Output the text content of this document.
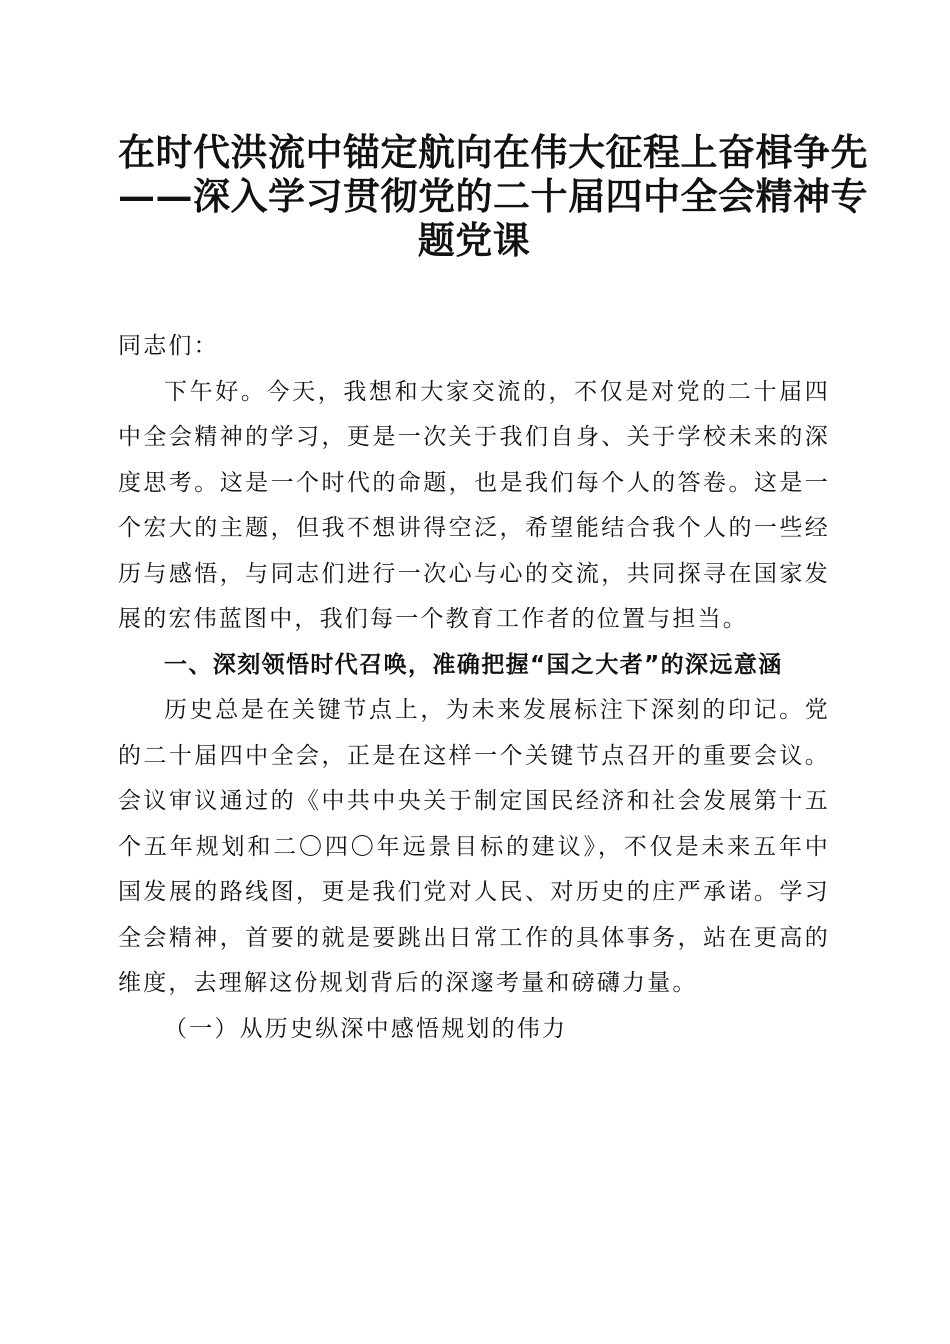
在时代洪流中锚定航向在伟大征程上奋楫争先
——深入学习贯彻党的二十届四中全会精神专
题党课

同志们：

下午好。今天，我想和大家交流的，不仅是对党的二十届四中全会精神的学习，更是一次关于我们自身、关于学校未来的深度思考。这是一个时代的命题，也是我们每个人的答卷。这是一个宏大的主题，但我不想讲得空泛，希望能结合我个人的一些经历与感悟，与同志们进行一次心与心的交流，共同探寻在国家发展的宏伟蓝图中，我们每一个教育工作者的位置与担当。

一、深刻领悟时代召唤，准确把握“国之大者”的深远意涵

历史总是在关键节点上，为未来发展标注下深刻的印记。党的二十届四中全会，正是在这样一个关键节点召开的重要会议。会议审议通过的《中共中央关于制定国民经济和社会发展第十五个五年规划和二〇四〇年远景目标的建议》，不仅是未来五年中国发展的路线图，更是我们党对人民、对历史的庄严承诺。学习全会精神，首要的就是要跳出日常工作的具体事务，站在更高的维度，去理解这份规划背后的深邃考量和磅礴力量。

（一）从历史纵深中感悟规划的伟力
